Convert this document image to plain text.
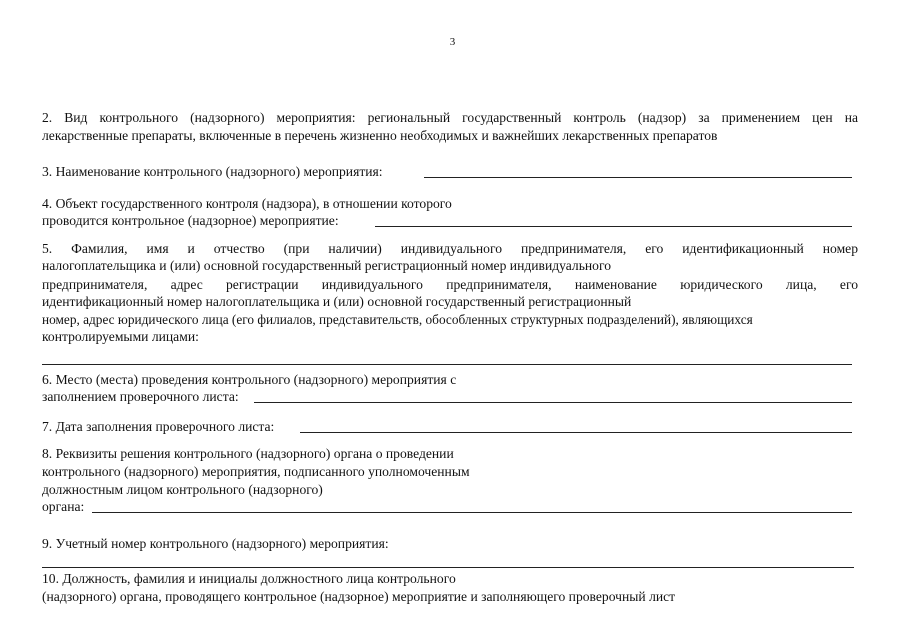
3
2. Вид контрольного (надзорного) мероприятия: региональный государственный контроль (надзор) за применением цен на
лекарственные препараты, включенные в перечень жизненно необходимых и важнейших лекарственных препаратов
3. Наименование контрольного (надзорного) мероприятия:
4. Объект государственного контроля (надзора), в отношении которого
проводится контрольное (надзорное) мероприятие:
5. Фамилия, имя и отчество (при наличии) индивидуального предпринимателя, его идентификационный номер
налогоплательщика и (или) основной государственный регистрационный номер индивидуального
предпринимателя, адрес регистрации индивидуального предпринимателя, наименование юридического лица, его
идентификационный номер налогоплательщика и (или) основной государственный регистрационный
номер, адрес юридического лица (его филиалов, представительств, обособленных структурных подразделений), являющихся
контролируемыми лицами:
6. Место (места) проведения контрольного (надзорного) мероприятия с
заполнением проверочного листа:
7. Дата заполнения проверочного листа:
8. Реквизиты решения контрольного (надзорного) органа о проведении
контрольного (надзорного) мероприятия, подписанного уполномоченным
должностным лицом контрольного (надзорного)
органа:
9. Учетный номер контрольного (надзорного) мероприятия:
10. Должность, фамилия и инициалы должностного лица контрольного
(надзорного) органа, проводящего контрольное (надзорное) мероприятие и заполняющего проверочный лист
